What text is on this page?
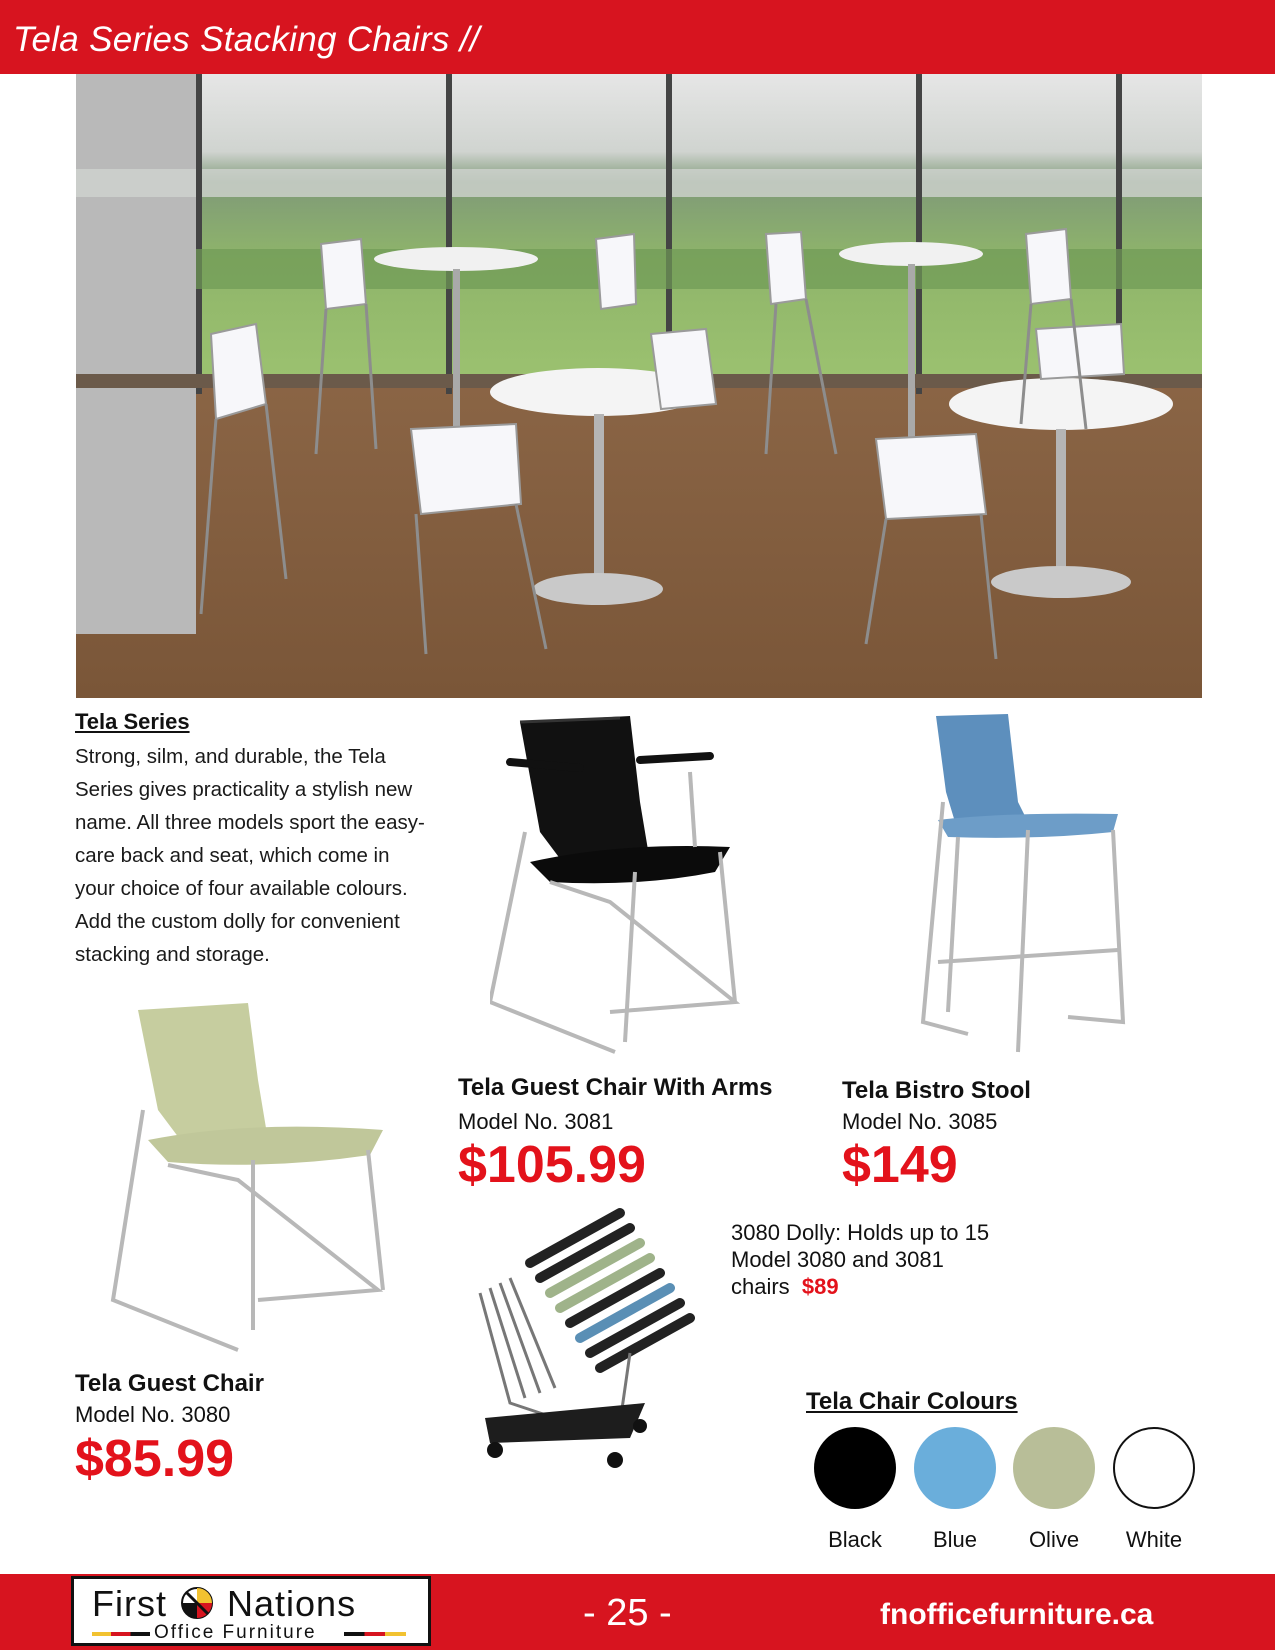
Tela Series Stacking Chairs //
Tela Series
Strong, silm, and durable, the Tela Series gives practicality a stylish new name. All three models sport the easy-care back and seat, which come in your choice of four available colours. Add the custom dolly for convenient stacking and storage.
Tela Guest Chair With Arms
Model No. 3081
$105.99
Tela Bistro Stool
Model No. 3085
$149
Tela Guest Chair
Model No. 3080
$85.99
3080 Dolly: Holds up to 15 Model 3080 and 3081 chairs $89
Tela Chair Colours
Black	Blue	Olive	White
First Nations
Office Furniture	- 25 -	fnofficefurniture.ca
